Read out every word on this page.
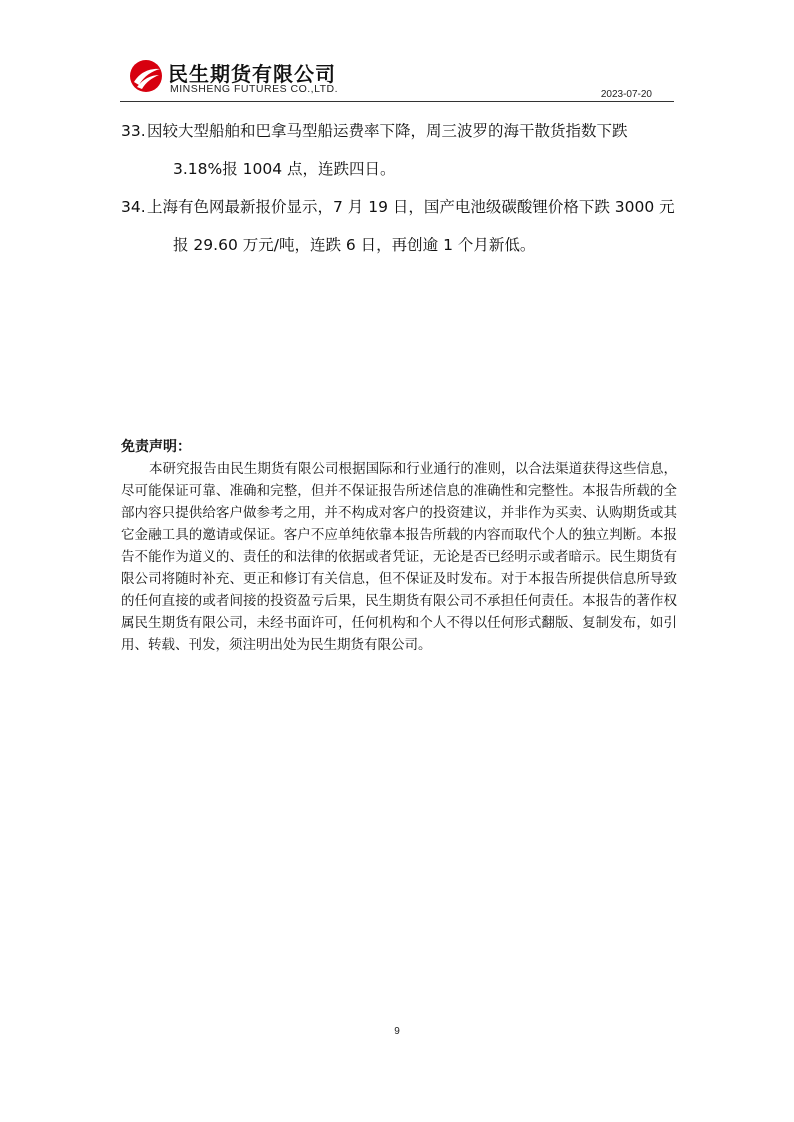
民生期货有限公司
MINSHENG FUTURES CO.,LTD.	2023-07-20
33. 因较大型船舶和巴拿马型船运费率下降，周三波罗的海干散货指数下跌 3.18%报 1004 点，连跌四日。
34. 上海有色网最新报价显示，7 月 19 日，国产电池级碳酸锂价格下跌 3000 元报 29.60 万元/吨，连跌 6 日，再创逾 1 个月新低。
免责声明：

本研究报告由民生期货有限公司根据国际和行业通行的准则，以合法渠道获得这些信息，尽可能保证可靠、准确和完整，但并不保证报告所述信息的准确性和完整性。本报告所载的全部内容只提供给客户做参考之用，并不构成对客户的投资建议，并非作为买卖、认购期货或其它金融工具的邀请或保证。客户不应单纯依靠本报告所载的内容而取代个人的独立判断。本报告不能作为道义的、责任的和法律的依据或者凭证，无论是否已经明示或者暗示。民生期货有限公司将随时补充、更正和修订有关信息，但不保证及时发布。对于本报告所提供信息所导致的任何直接的或者间接的投资盈亏后果，民生期货有限公司不承担任何责任。本报告的著作权属民生期货有限公司，未经书面许可，任何机构和个人不得以任何形式翻版、复制发布，如引用、转载、刊发，须注明出处为民生期货有限公司。

9
